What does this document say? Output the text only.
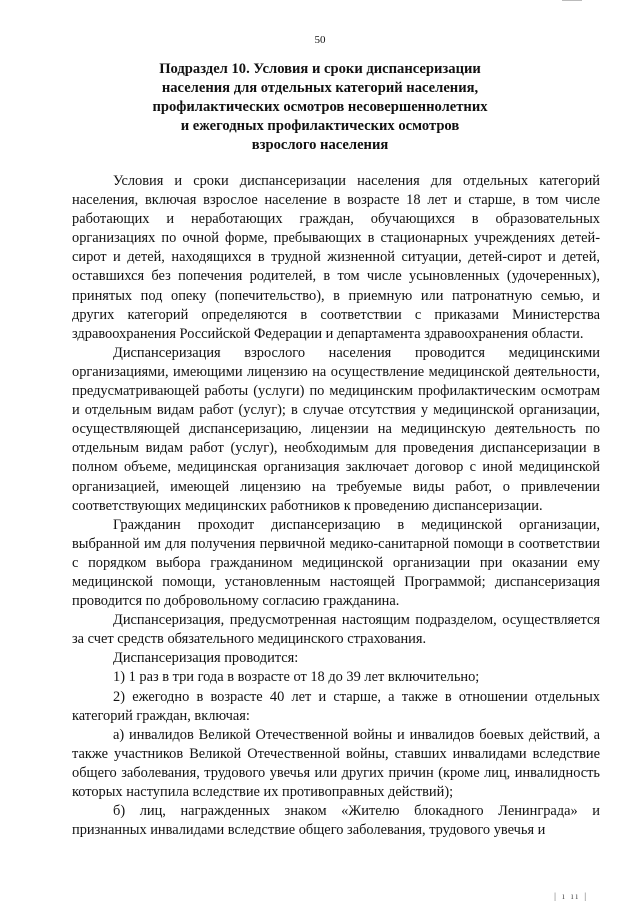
50
Подраздел 10. Условия и сроки диспансеризации
населения для отдельных категорий населения,
профилактических осмотров несовершеннолетних
и ежегодных профилактических осмотров
взрослого населения

Условия и сроки диспансеризации населения для отдельных категорий населения, включая взрослое население в возрасте 18 лет и старше, в том числе работающих и неработающих граждан, обучающихся в образовательных организациях по очной форме, пребывающих в стационарных учреждениях детей-сирот и детей, находящихся в трудной жизненной ситуации, детей-сирот и детей, оставшихся без попечения родителей, в том числе усыновленных (удочеренных), принятых под опеку (попечительство), в приемную или патронатную семью, и других категорий определяются в соответствии с приказами Министерства здравоохранения Российской Федерации и департамента здравоохранения области.

Диспансеризация взрослого населения проводится медицинскими организациями, имеющими лицензию на осуществление медицинской деятельности, предусматривающей работы (услуги) по медицинским профилактическим осмотрам и отдельным видам работ (услуг); в случае отсутствия у медицинской организации, осуществляющей диспансеризацию, лицензии на медицинскую деятельность по отдельным видам работ (услуг), необходимым для проведения диспансеризации в полном объеме, медицинская организация заключает договор с иной медицинской организацией, имеющей лицензию на требуемые виды работ, о привлечении соответствующих медицинских работников к проведению диспансеризации.

Гражданин проходит диспансеризацию в медицинской организации, выбранной им для получения первичной медико-санитарной помощи в соответствии с порядком выбора гражданином медицинской организации при оказании ему медицинской помощи, установленным настоящей Программой; диспансеризация проводится по добровольному согласию гражданина.

Диспансеризация, предусмотренная настоящим подразделом, осуществляется за счет средств обязательного медицинского страхования.

Диспансеризация проводится:

1) 1 раз в три года в возрасте от 18 до 39 лет включительно;

2) ежегодно в возрасте 40 лет и старше, а также в отношении отдельных категорий граждан, включая:

а) инвалидов Великой Отечественной войны и инвалидов боевых действий, а также участников Великой Отечественной войны, ставших инвалидами вследствие общего заболевания, трудового увечья или других причин (кроме лиц, инвалидность которых наступила вследствие их противоправных действий);

б) лиц, награжденных знаком «Жителю блокадного Ленинграда» и признанных инвалидами вследствие общего заболевания, трудового увечья и

| ı ıı |
